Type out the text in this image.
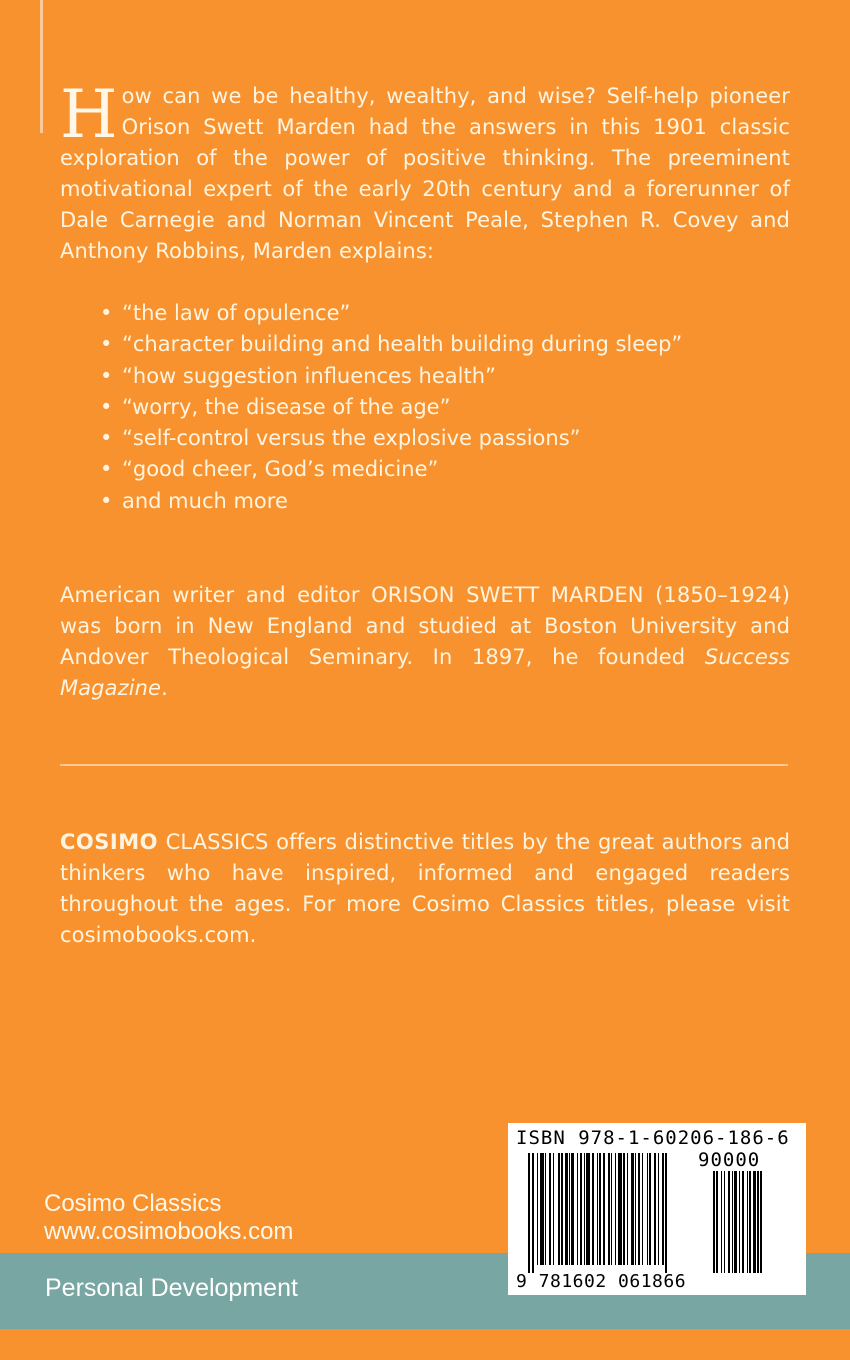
H ow can we be healthy, wealthy, and wise? Self-help pioneer Orison Swett Marden had the answers in this 1901 classic exploration of the power of positive thinking. The preeminent motivational expert of the early 20th century and a forerunner of Dale Carnegie and Norman Vincent Peale, Stephen R. Covey and Anthony Robbins, Marden explains:
• “the law of opulence”
• “character building and health building during sleep”
• “how suggestion influences health”
• “worry, the disease of the age”
• “self-control versus the explosive passions”
• “good cheer, God’s medicine”
• and much more
American writer and editor ORISON SWETT MARDEN (1850–1924) was born in New England and studied at Boston University and Andover Theological Seminary. In 1897, he founded Success Magazine.
COSIMO CLASSICS offers distinctive titles by the great authors and thinkers who have inspired, informed and engaged readers throughout the ages. For more Cosimo Classics titles, please visit cosimobooks.com.
Cosimo Classics
www.cosimobooks.com
Personal Development
ISBN 978-1-60206-186-6
90000
9 781602 061866
